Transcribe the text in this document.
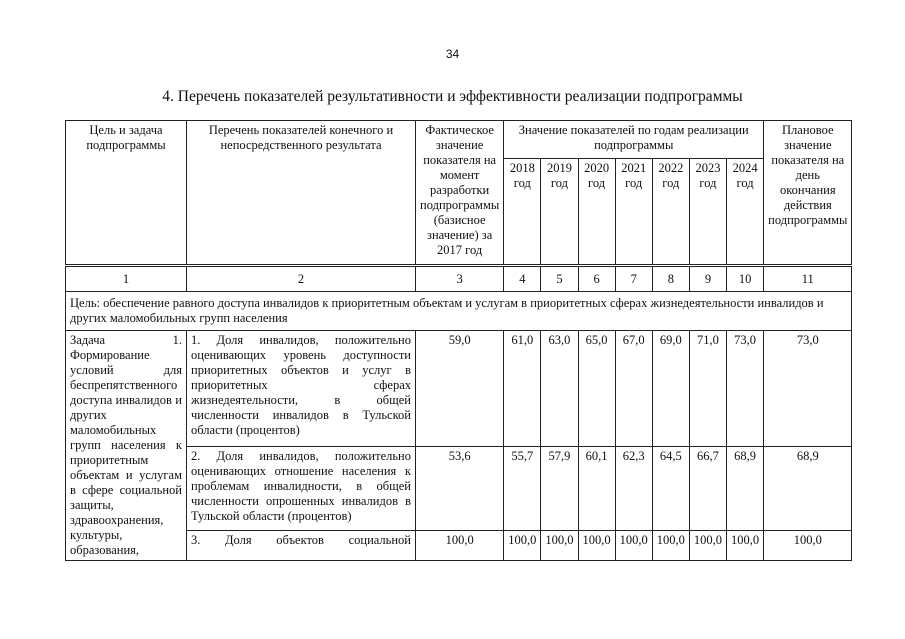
34
4. Перечень показателей результативности и эффективности реализации подпрограммы
Цель и задача подпрограммы	Перечень показателей конечного и непосредственного результата	Фактическое значение показателя на момент разработки подпрограммы (базисное значение) за 2017 год	Значение показателей по годам реализации подпрограммы							Плановое значение показателя на день окончания действия подпрограммы
			2018 год	2019 год	2020 год	2021 год	2022 год	2023 год	2024 год	
1	2	3	4	5	6	7	8	9	10	11
Цель: обеспечение равного доступа инвалидов к приоритетным объектам и услугам в приоритетных сферах жизнедеятельности инвалидов и других маломобильных групп населения										
Задача 1. Формирование условий для беспрепятственного доступа инвалидов и других маломобильных групп населения к приоритетным объектам и услугам в сфере социальной защиты, здравоохранения, культуры, образования,	1. Доля инвалидов, положительно оценивающих уровень доступности приоритетных объектов и услуг в приоритетных сферах жизнедеятельности, в общей численности инвалидов в Тульской области (процентов)	59,0	61,0	63,0	65,0	67,0	69,0	71,0	73,0	73,0
	2. Доля инвалидов, положительно оценивающих отношение населения к проблемам инвалидности, в общей численности опрошенных инвалидов в Тульской области (процентов)	53,6	55,7	57,9	60,1	62,3	64,5	66,7	68,9	68,9
	3. Доля объектов социальной	100,0	100,0	100,0	100,0	100,0	100,0	100,0	100,0	100,0
